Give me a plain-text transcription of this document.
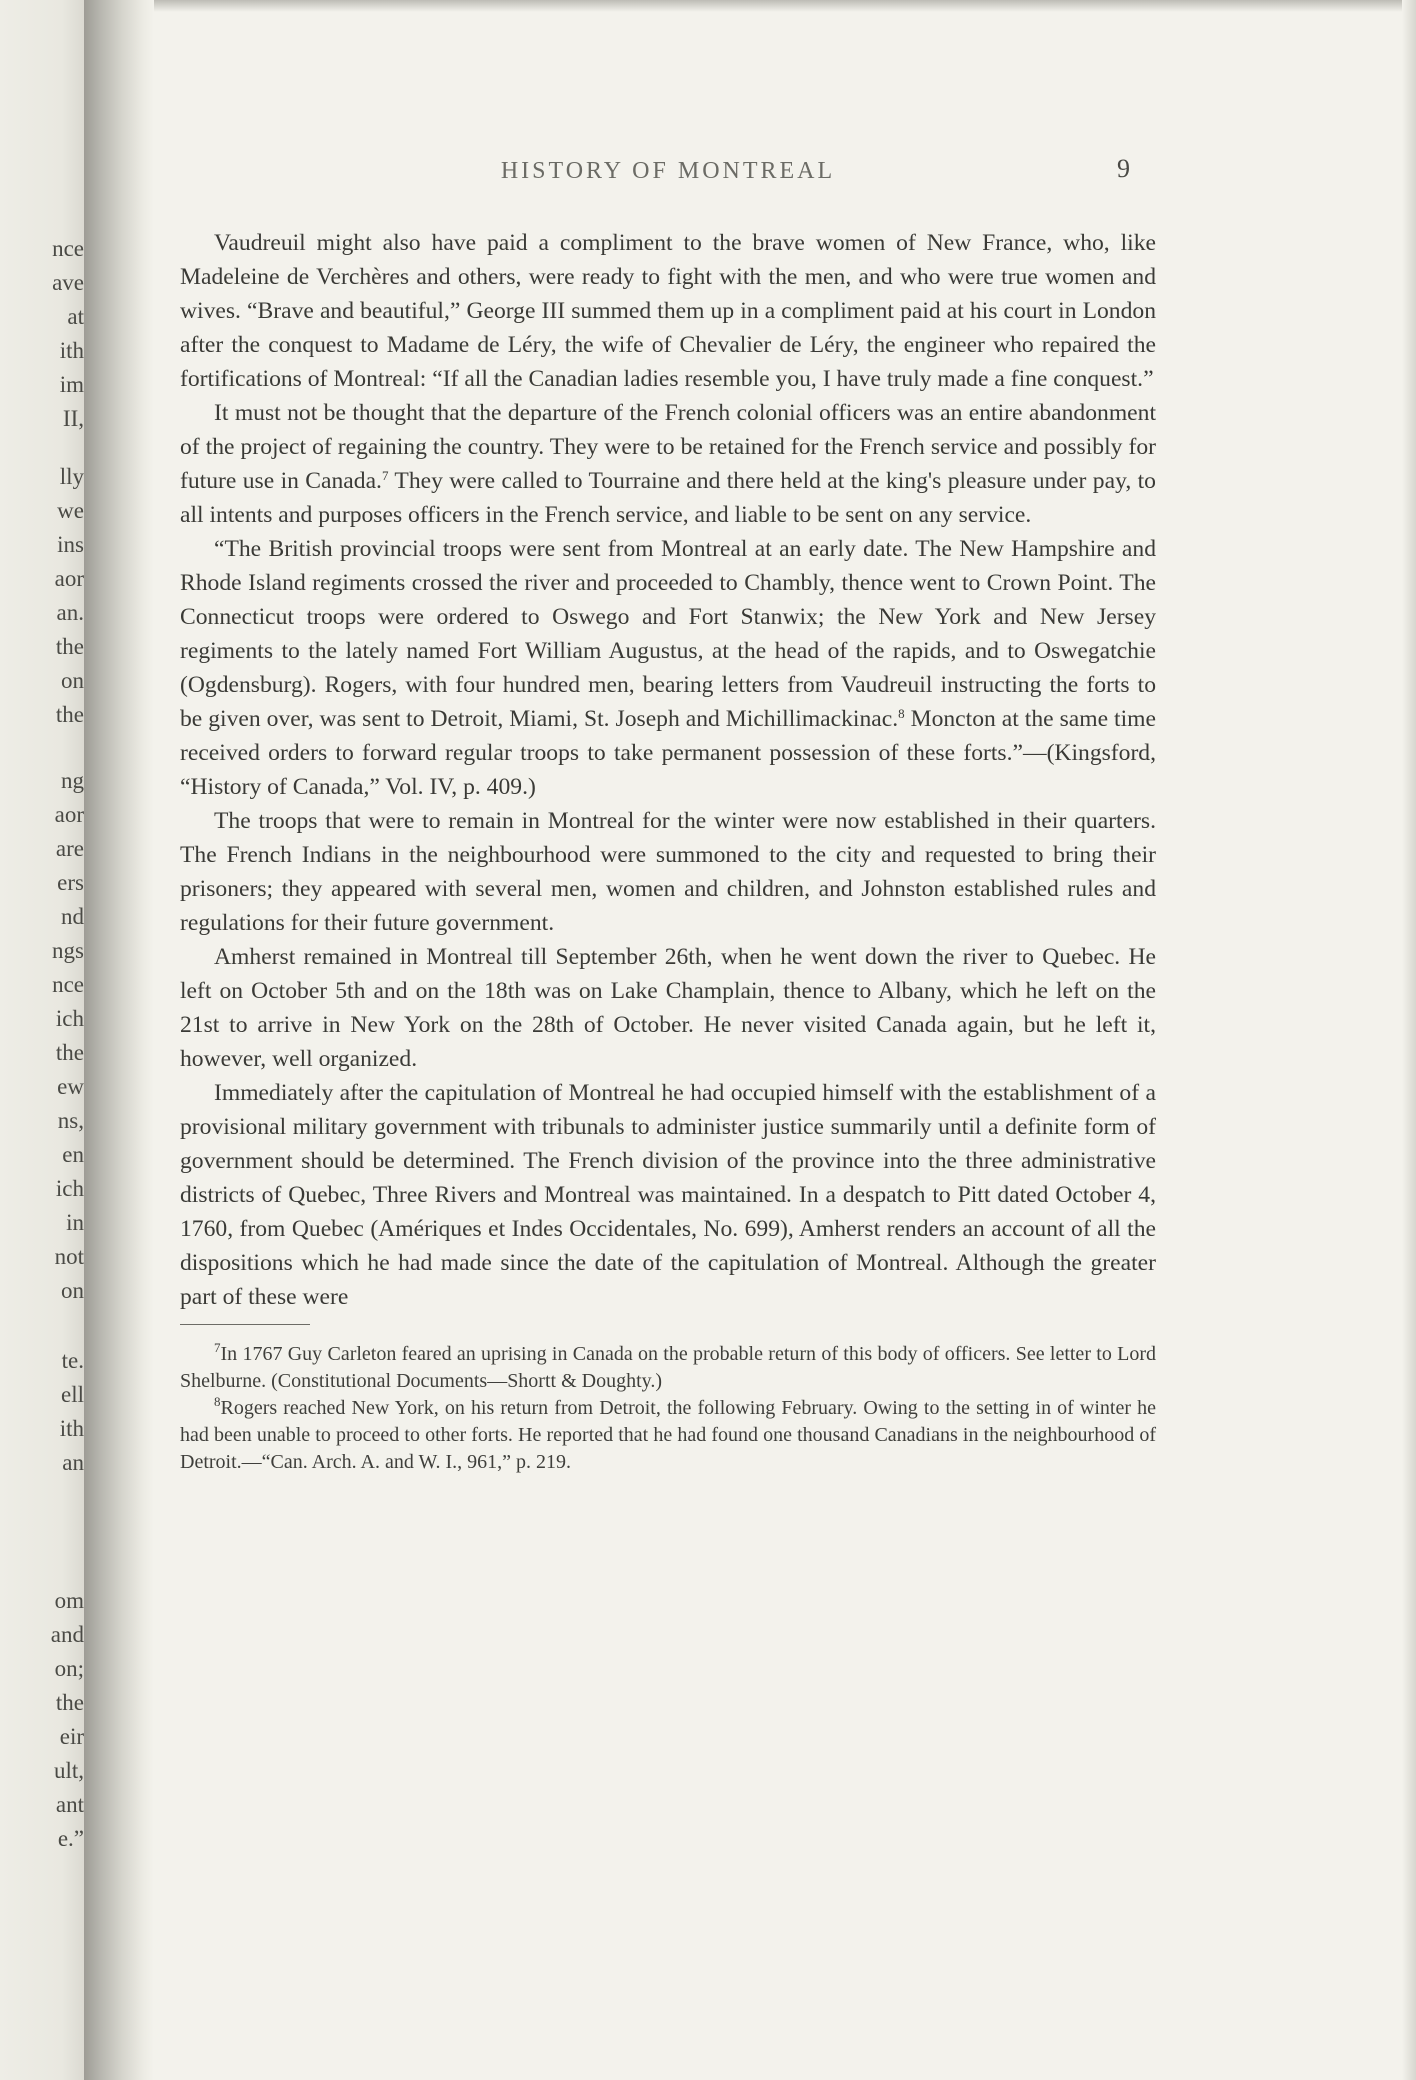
nce
ave
at
ith
im
II,
lly
we
ins
aor
an.
the
on
the
ng
aor
are
ers
nd
ngs
nce
ich
the
ew
ns,
en
ich
in
not
on
te.
ell
ith
an
om
and
on;
the
eir
ult,
ant
e.”
HISTORY OF MONTREAL	9

Vaudreuil might also have paid a compliment to the brave women of New France, who, like Madeleine de Verchères and others, were ready to fight with the men, and who were true women and wives. “Brave and beautiful,” George III summed them up in a compliment paid at his court in London after the conquest to Madame de Léry, the wife of Chevalier de Léry, the engineer who repaired the fortifications of Montreal: “If all the Canadian ladies resemble you, I have truly made a fine conquest.”

It must not be thought that the departure of the French colonial officers was an entire abandonment of the project of regaining the country. They were to be retained for the French service and possibly for future use in Canada.$^7$ They were called to Tourraine and there held at the king's pleasure under pay, to all intents and purposes officers in the French service, and liable to be sent on any service.

“The British provincial troops were sent from Montreal at an early date. The New Hampshire and Rhode Island regiments crossed the river and proceeded to Chambly, thence went to Crown Point. The Connecticut troops were ordered to Oswego and Fort Stanwix; the New York and New Jersey regiments to the lately named Fort William Augustus, at the head of the rapids, and to Oswegatchie (Ogdensburg). Rogers, with four hundred men, bearing letters from Vaudreuil instructing the forts to be given over, was sent to Detroit, Miami, St. Joseph and Michillimackinac.$^8$ Moncton at the same time received orders to forward regular troops to take permanent possession of these forts.”—(Kingsford, “History of Canada,” Vol. IV, p. 409.)

The troops that were to remain in Montreal for the winter were now established in their quarters. The French Indians in the neighbourhood were summoned to the city and requested to bring their prisoners; they appeared with several men, women and children, and Johnston established rules and regulations for their future government.

Amherst remained in Montreal till September 26th, when he went down the river to Quebec. He left on October 5th and on the 18th was on Lake Champlain, thence to Albany, which he left on the 21st to arrive in New York on the 28th of October. He never visited Canada again, but he left it, however, well organized.

Immediately after the capitulation of Montreal he had occupied himself with the establishment of a provisional military government with tribunals to administer justice summarily until a definite form of government should be determined. The French division of the province into the three administrative districts of Quebec, Three Rivers and Montreal was maintained. In a despatch to Pitt dated October 4, 1760, from Quebec (Amériques et Indes Occidentales, No. 699), Amherst renders an account of all the dispositions which he had made since the date of the capitulation of Montreal. Although the greater part of these were

$^7$In 1767 Guy Carleton feared an uprising in Canada on the probable return of this body of officers. See letter to Lord Shelburne. (Constitutional Documents—Shortt & Doughty.)

$^8$Rogers reached New York, on his return from Detroit, the following February. Owing to the setting in of winter he had been unable to proceed to other forts. He reported that he had found one thousand Canadians in the neighbourhood of Detroit.—“Can. Arch. A. and W. I., 961,” p. 219.
